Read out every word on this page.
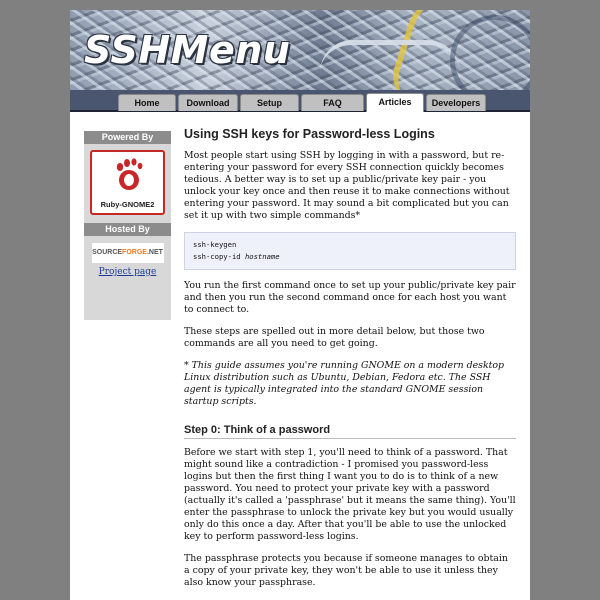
SSHMenu
Home	Download	Setup	FAQ	Articles	Developers
Powered By
Ruby-GNOME2
Hosted By
SOURCEFORGE.NET
Project page
Using SSH keys for Password-less Logins

Most people start using SSH by logging in with a password, but re-entering your password for every SSH connection quickly becomes tedious. A better way is to set up a public/private key pair - you unlock your key once and then reuse it to make connections without entering your password. It may sound a bit complicated but you can set it up with two simple commands*

ssh-keygen
ssh-copy-id hostname

You run the first command once to set up your public/private key pair and then you run the second command once for each host you want to connect to.

These steps are spelled out in more detail below, but those two commands are all you need to get going.

* This guide assumes you're running GNOME on a modern desktop Linux distribution such as Ubuntu, Debian, Fedora etc. The SSH agent is typically integrated into the standard GNOME session startup scripts.

Step 0: Think of a password

Before we start with step 1, you'll need to think of a password. That might sound like a contradiction - I promised you password-less logins but then the first thing I want you to do is to think of a new password. You need to protect your private key with a password (actually it's called a 'passphrase' but it means the same thing). You'll enter the passphrase to unlock the private key but you would usually only do this once a day. After that you'll be able to use the unlocked key to perform password-less logins.

The passphrase protects you because if someone manages to obtain a copy of your private key, they won't be able to use it unless they also know your passphrase.
